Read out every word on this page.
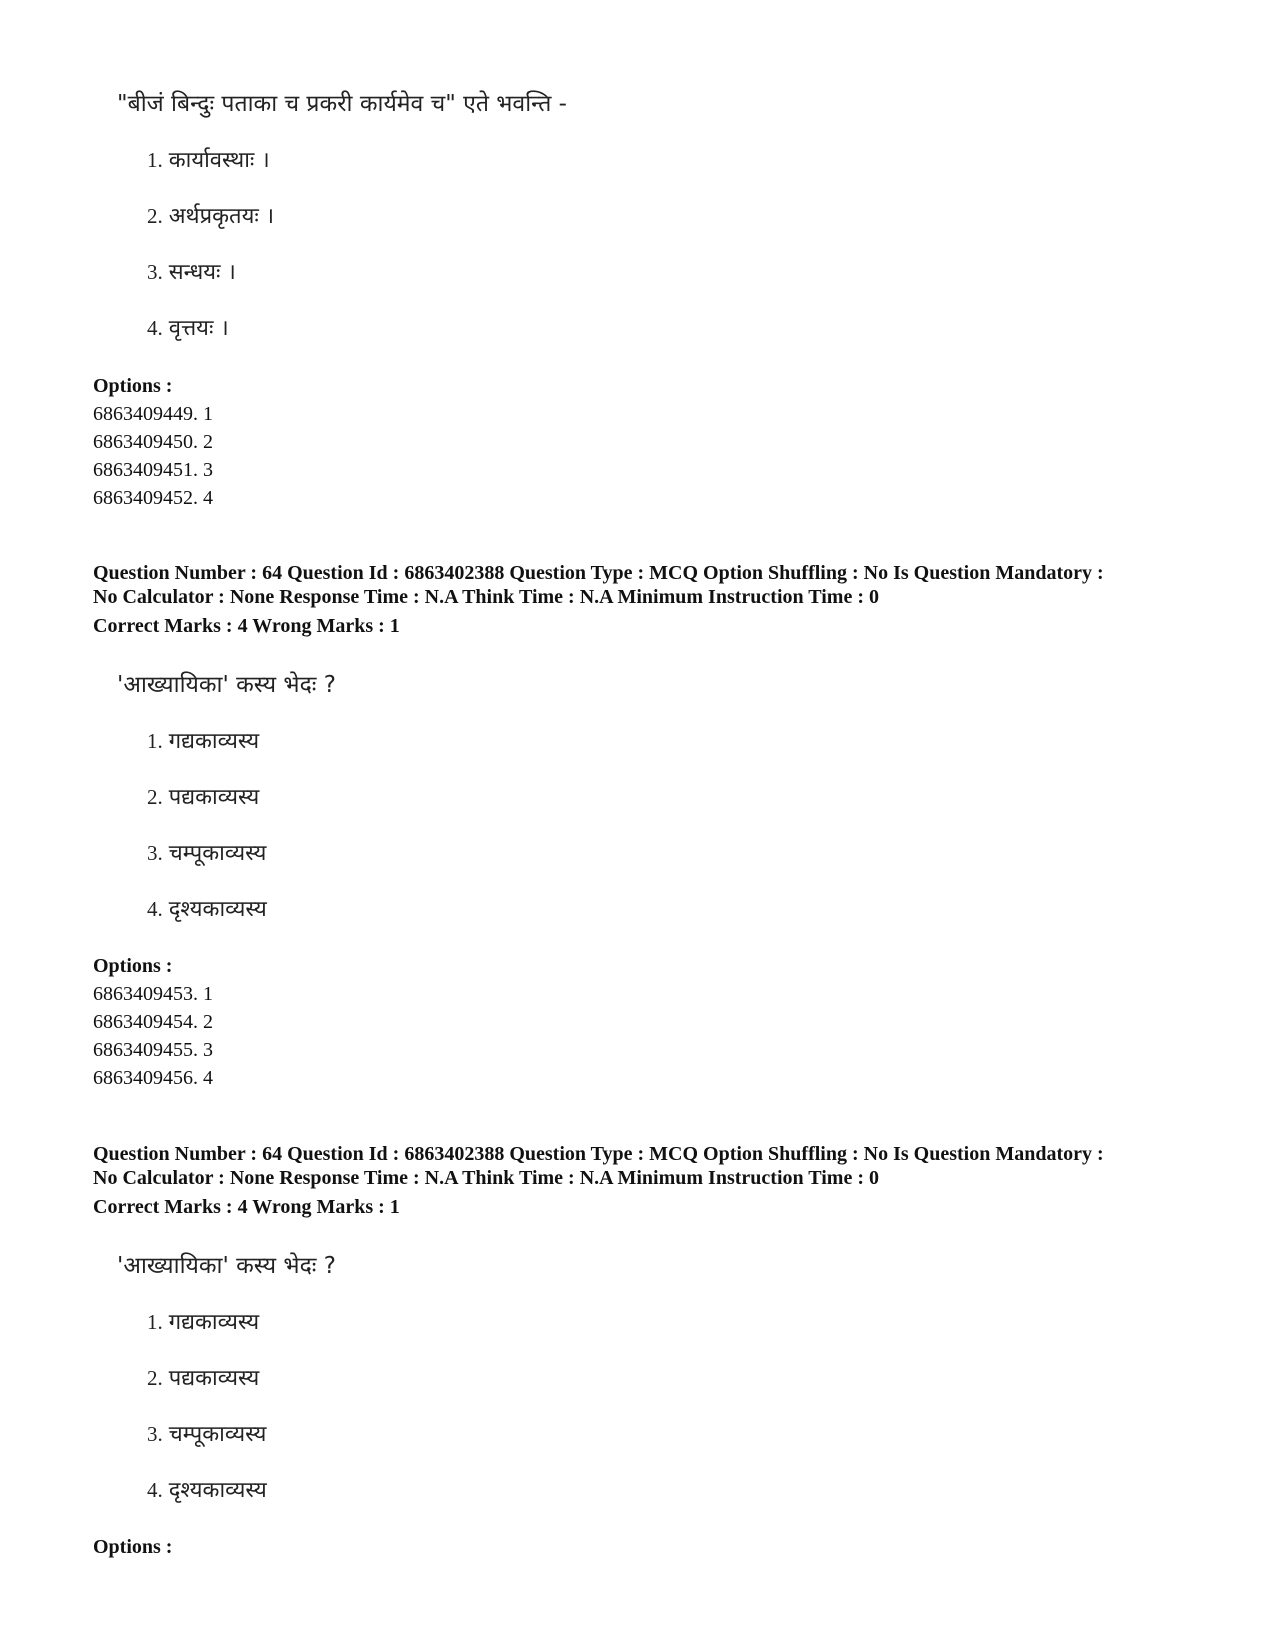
"बीजं बिन्दुः पताका च प्रकरी कार्यमेव च" एते भवन्ति -
1. कार्यावस्थाः ।
2. अर्थप्रकृतयः ।
3. सन्धयः ।
4. वृत्तयः ।
Options :
6863409449. 1
6863409450. 2
6863409451. 3
6863409452. 4
Question Number : 64 Question Id : 6863402388 Question Type : MCQ Option Shuffling : No Is Question Mandatory :
No Calculator : None Response Time : N.A Think Time : N.A Minimum Instruction Time : 0
Correct Marks : 4 Wrong Marks : 1
'आख्यायिका' कस्य भेदः ?
1. गद्यकाव्यस्य
2. पद्यकाव्यस्य
3. चम्पूकाव्यस्य
4. दृश्यकाव्यस्य
Options :
6863409453. 1
6863409454. 2
6863409455. 3
6863409456. 4
Question Number : 64 Question Id : 6863402388 Question Type : MCQ Option Shuffling : No Is Question Mandatory :
No Calculator : None Response Time : N.A Think Time : N.A Minimum Instruction Time : 0
Correct Marks : 4 Wrong Marks : 1
'आख्यायिका' कस्य भेदः ?
1. गद्यकाव्यस्य
2. पद्यकाव्यस्य
3. चम्पूकाव्यस्य
4. दृश्यकाव्यस्य
Options :
